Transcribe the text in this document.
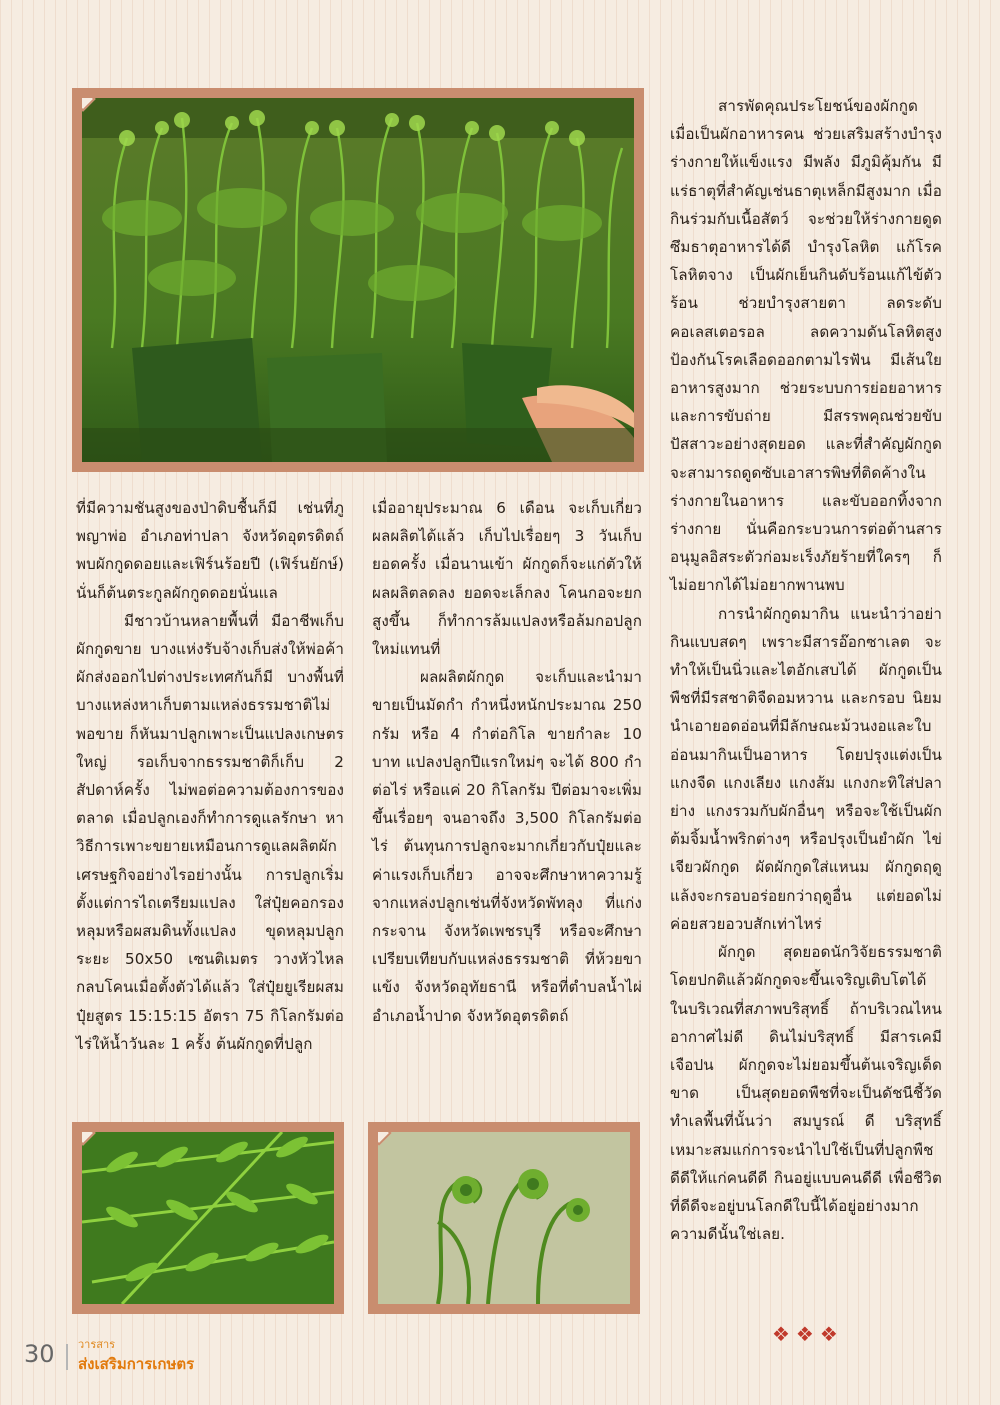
ที่มีความชันสูงของป่าดิบชื้นก็มี เช่นที่ภูพญาพ่อ อำเภอท่าปลา จังหวัดอุตรดิตถ์ พบผักกูดดอยและเฟิร์นร้อยปี (เฟิร์นยักษ์) นั่นก็ต้นตระกูลผักกูดดอยนั่นแล

มีชาวบ้านหลายพื้นที่ มีอาชีพเก็บผักกูดขาย บางแห่งรับจ้างเก็บส่งให้พ่อค้าผักส่งออกไปต่างประเทศกันก็มี บางพื้นที่บางแหล่งหาเก็บตามแหล่งธรรมชาติไม่พอขาย ก็หันมาปลูกเพาะเป็นแปลงเกษตรใหญ่ รอเก็บจากธรรมชาติก็เก็บ 2 สัปดาห์ครั้ง ไม่พอต่อความต้องการของตลาด เมื่อปลูกเองก็ทำการดูแลรักษา หาวิธีการเพาะขยายเหมือนการดูแลผลิตผักเศรษฐกิจอย่างไรอย่างนั้น การปลูกเริ่มตั้งแต่การไถเตรียมแปลง ใส่ปุ๋ยคอกรองหลุมหรือผสมดินทั้งแปลง ขุดหลุมปลูกระยะ 50x50 เซนติเมตร วางหัวไหล กลบโคนเมื่อตั้งตัวได้แล้ว ใส่ปุ๋ยยูเรียผสมปุ๋ยสูตร 15:15:15 อัตรา 75 กิโลกรัมต่อไร่ให้น้ำวันละ 1 ครั้ง ต้นผักกูดที่ปลูก

เมื่ออายุประมาณ 6 เดือน จะเก็บเกี่ยวผลผลิตได้แล้ว เก็บไปเรื่อยๆ 3 วันเก็บยอดครั้ง เมื่อนานเข้า ผักกูดก็จะแก่ตัวให้ผลผลิตลดลง ยอดจะเล็กลง โคนกอจะยกสูงขึ้น ก็ทำการล้มแปลงหรือล้มกอปลูกใหม่แทนที่

ผลผลิตผักกูด จะเก็บและนำมาขายเป็นมัดกำ กำหนึ่งหนักประมาณ 250 กรัม หรือ 4 กำต่อกิโล ขายกำละ 10 บาท แปลงปลูกปีแรกใหม่ๆ จะได้ 800 กำต่อไร่ หรือแค่ 20 กิโลกรัม ปีต่อมาจะเพิ่มขึ้นเรื่อยๆ จนอาจถึง 3,500 กิโลกรัมต่อไร่ ต้นทุนการปลูกจะมากเกี่ยวกับปุ๋ยและค่าแรงเก็บเกี่ยว อาจจะศึกษาหาความรู้จากแหล่งปลูกเช่นที่จังหวัดพัทลุง ที่แก่งกระจาน จังหวัดเพชรบุรี หรือจะศึกษาเปรียบเทียบกับแหล่งธรรมชาติ ที่ห้วยขาแข้ง จังหวัดอุทัยธานี หรือที่ตำบลน้ำไผ่ อำเภอน้ำปาด จังหวัดอุตรดิตถ์

สารพัดคุณประโยชน์ของผักกูด เมื่อเป็นผักอาหารคน ช่วยเสริมสร้างบำรุงร่างกายให้แข็งแรง มีพลัง มีภูมิคุ้มกัน มีแร่ธาตุที่สำคัญเช่นธาตุเหล็กมีสูงมาก เมื่อกินร่วมกับเนื้อสัตว์ จะช่วยให้ร่างกายดูดซึมธาตุอาหารได้ดี บำรุงโลหิต แก้โรคโลหิตจาง เป็นผักเย็นกินดับร้อนแก้ไข้ตัวร้อน ช่วยบำรุงสายตา ลดระดับคอเลสเตอรอล ลดความดันโลหิตสูง ป้องกันโรคเลือดออกตามไรฟัน มีเส้นใยอาหารสูงมาก ช่วยระบบการย่อยอาหารและการขับถ่าย มีสรรพคุณช่วยขับปัสสาวะอย่างสุดยอด และที่สำคัญผักกูดจะสามารถดูดซับเอาสารพิษที่ติดค้างในร่างกายในอาหาร และขับออกทิ้งจากร่างกาย นั่นคือกระบวนการต่อต้านสารอนุมูลอิสระตัวก่อมะเร็งภัยร้ายที่ใครๆ ก็ไม่อยากได้ไม่อยากพานพบ

การนำผักกูดมากิน แนะนำว่าอย่ากินแบบสดๆ เพราะมีสารอ๊อกซาเลต จะทำให้เป็นนิ่วและไตอักเสบได้ ผักกูดเป็นพืชที่มีรสชาติจืดอมหวาน และกรอบ นิยมนำเอายอดอ่อนที่มีลักษณะม้วนงอและใบอ่อนมากินเป็นอาหาร โดยปรุงแต่งเป็นแกงจืด แกงเลียง แกงส้ม แกงกะทิใส่ปลาย่าง แกงรวมกับผักอื่นๆ หรือจะใช้เป็นผักต้มจิ้มน้ำพริกต่างๆ หรือปรุงเป็นยำผัก ไข่เจียวผักกูด ผัดผักกูดใส่แหนม ผักกูดฤดูแล้งจะกรอบอร่อยกว่าฤดูอื่น แต่ยอดไม่ค่อยสวยอวบสักเท่าไหร่

ผักกูด สุดยอดนักวิจัยธรรมชาติ โดยปกติแล้วผักกูดจะขึ้นเจริญเติบโตได้ในบริเวณที่สภาพบริสุทธิ์ ถ้าบริเวณไหนอากาศไม่ดี ดินไม่บริสุทธิ์ มีสารเคมีเจือปน ผักกูดจะไม่ยอมขึ้นต้นเจริญเด็ดขาด เป็นสุดยอดพืชที่จะเป็นดัชนีชี้วัดทำเลพื้นที่นั้นว่า สมบูรณ์ ดี บริสุทธิ์ เหมาะสมแก่การจะนำไปใช้เป็นที่ปลูกพืชดีดีให้แก่คนดีดี กินอยู่แบบคนดีดี เพื่อชีวิตที่ดีดีจะอยู่บนโลกดีใบนี้ได้อยู่อย่างมากความดีนั้นใช่เลย.

❖❖❖
30 วารสาร
ส่งเสริมการเกษตร
